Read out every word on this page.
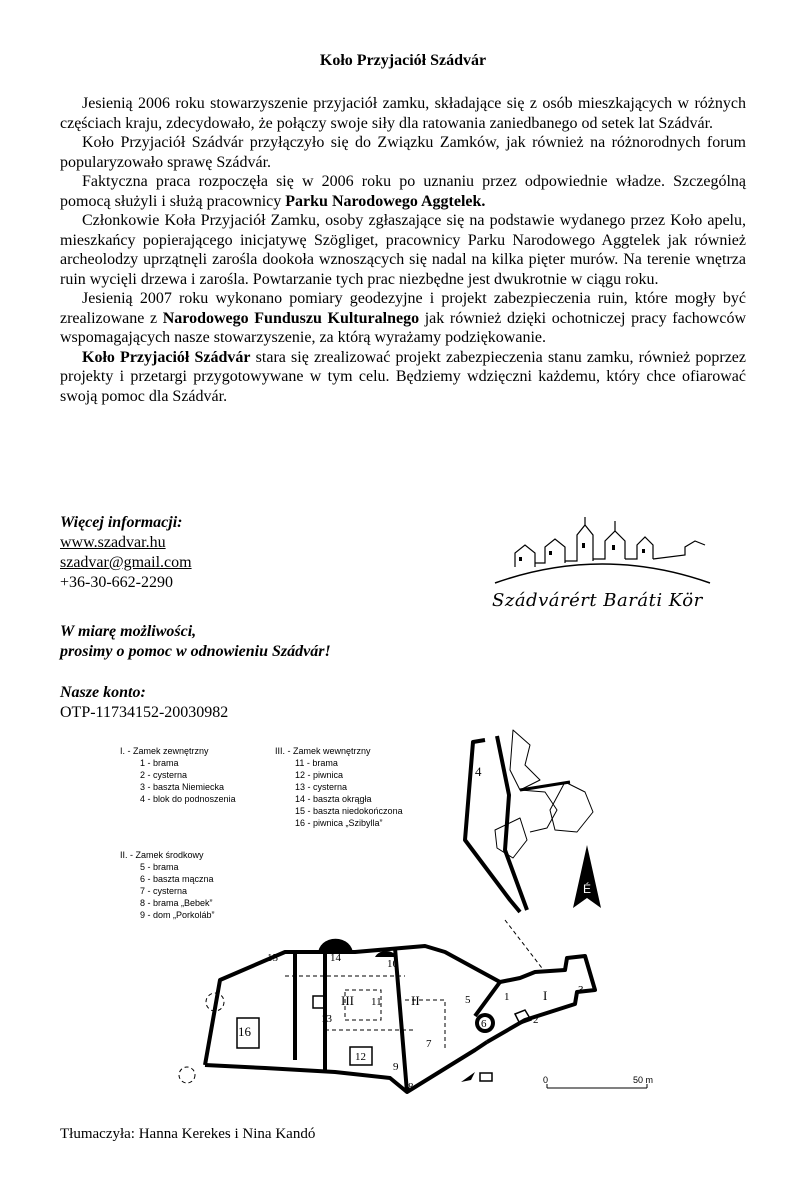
Koło Przyjaciół Szádvár

Jesienią 2006 roku stowarzyszenie przyjaciół zamku, składające się z osób mieszkających w różnych częściach kraju, zdecydowało, że połączy swoje siły dla ratowania zaniedbanego od setek lat Szádvár.

Koło Przyjaciół Szádvár przyłączyło się do Związku Zamków, jak również na różnorodnych forum popularyzowało sprawę Szádvár.

Faktyczna praca rozpoczęła się w 2006 roku po uznaniu przez odpowiednie władze. Szczególną pomocą służyli i służą pracownicy Parku Narodowego Aggtelek.

Członkowie Koła Przyjaciół Zamku, osoby zgłaszające się na podstawie wydanego przez Koło apelu, mieszkańcy popierającego inicjatywę Szögliget, pracownicy Parku Narodowego Aggtelek jak również archeolodzy uprzątnęli zarośla dookoła wznoszących się nadal na kilka pięter murów. Na terenie wnętrza ruin wycięli drzewa i zarośla. Powtarzanie tych prac niezbędne jest dwukrotnie w ciągu roku.

Jesienią 2007 roku wykonano pomiary geodezyjne i projekt zabezpieczenia ruin, które mogły być zrealizowane z Narodowego Funduszu Kulturalnego jak również dzięki ochotniczej pracy fachowców wspomagających nasze stowarzyszenie, za którą wyrażamy podziękowanie.

Koło Przyjaciół Szádvár stara się zrealizować projekt zabezpieczenia stanu zamku, również poprzez projekty i przetargi przygotowywane w tym celu. Będziemy wdzięczni każdemu, który chce ofiarować swoją pomoc dla Szádvár.

Więcej informacji:
www.szadvar.hu
szadvar@gmail.com
+36-30-662-2290
W miarę możliwości,
prosimy o pomoc w odnowieniu Szádvár!
Nasze konto:
OTP-11734152-20030982
Szádvárért Baráti Kör
Tłumaczyła: Hanna Kerekes i Nina Kandó
I. - Zamek zewnętrzny
1 - brama
2 - cysterna
3 - baszta Niemiecka
4 - blok do podnoszenia
II. - Zamek środkowy
5 - brama
6 - baszta mączna
7 - cysterna
8 - brama „Bebek”
9 - dom „Porkoláb”
III. - Zamek wewnętrzny
11 - brama
12 - piwnica
13 - cysterna
14 - baszta okrągła
15 - baszta niedokończona
16 - piwnica „Szibylla”
É
0	50 m
1
2
3
4
5
6
7
8
9
10
11
12
13
14
15
16
I
II
III
